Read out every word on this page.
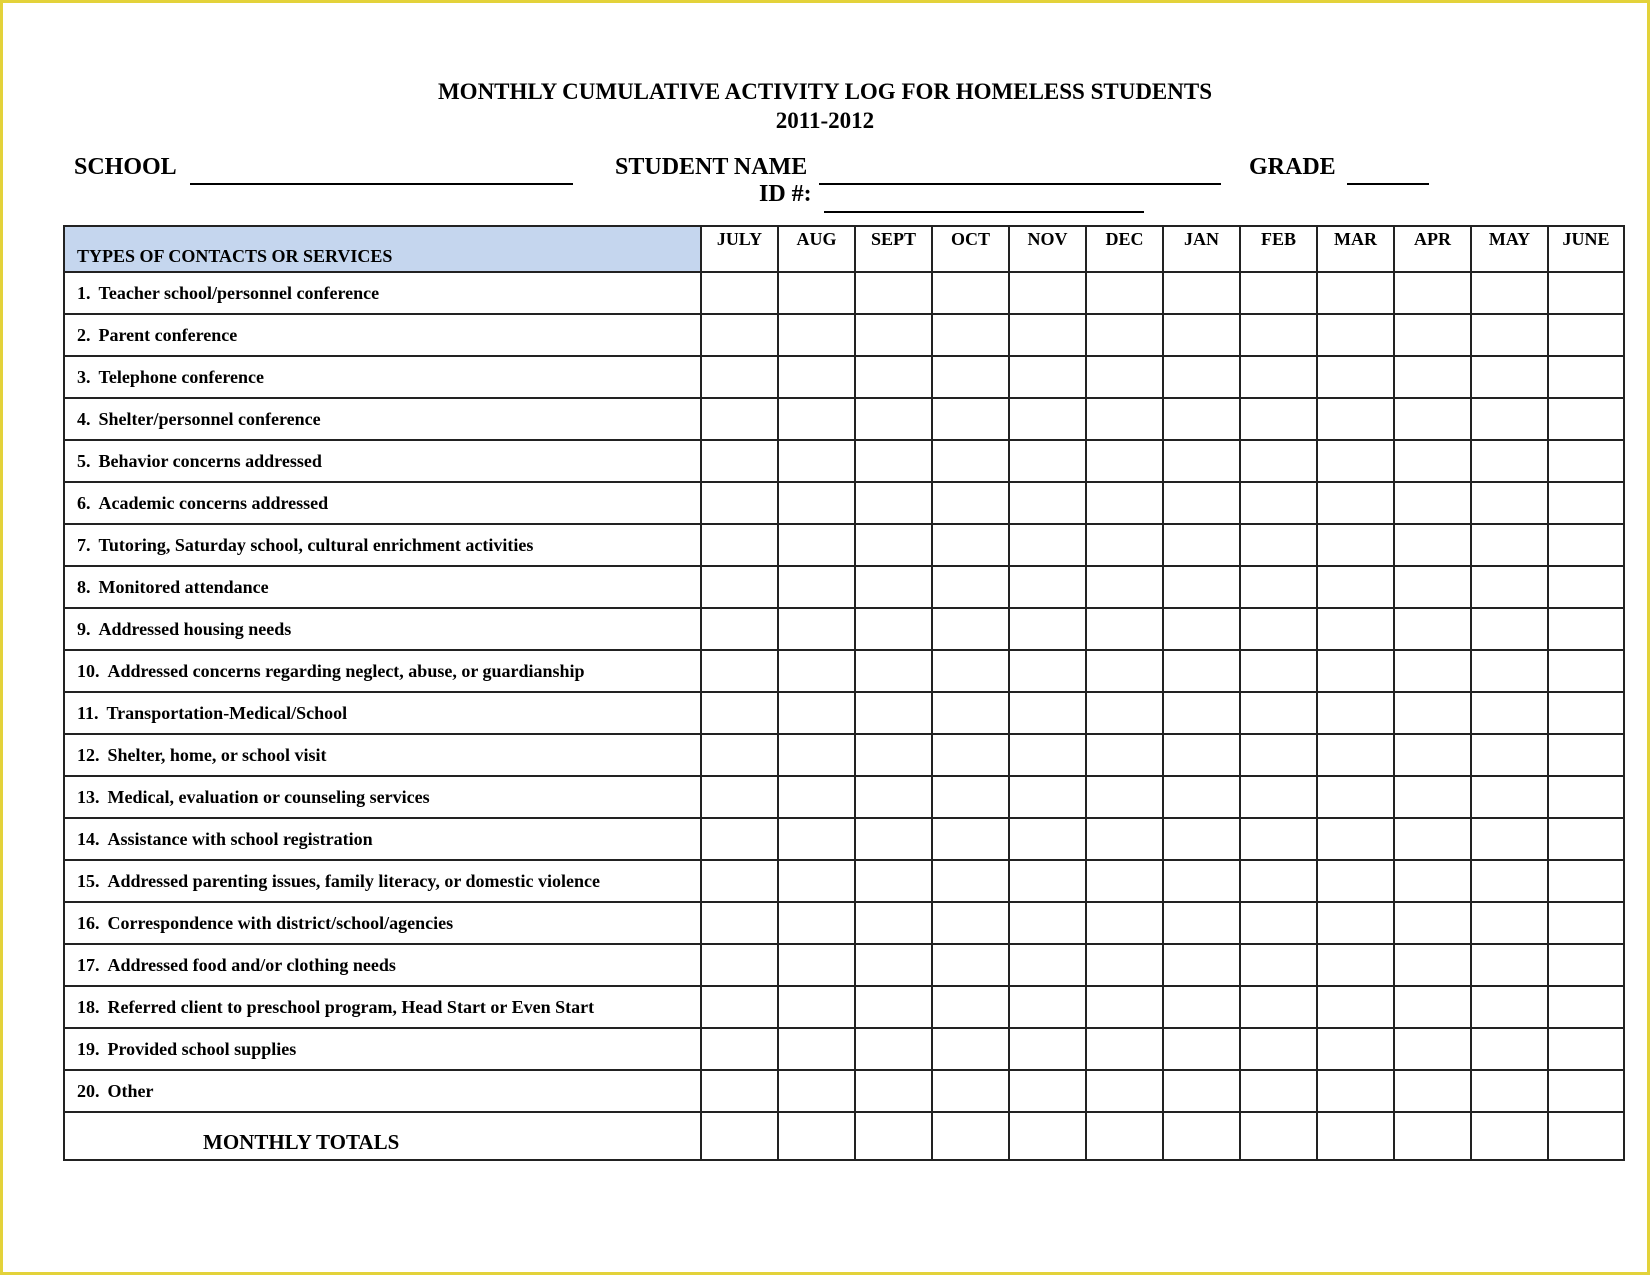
MONTHLY CUMULATIVE ACTIVITY LOG FOR HOMELESS STUDENTS
2011-2012
SCHOOL	STUDENT NAME	GRADE
ID #:
TYPES OF CONTACTS OR SERVICES	JULY	AUG	SEPT	OCT	NOV	DEC	JAN	FEB	MAR	APR	MAY	JUNE
1. Teacher school/personnel conference												
2. Parent conference												
3. Telephone conference												
4. Shelter/personnel conference												
5. Behavior concerns addressed												
6. Academic concerns addressed												
7. Tutoring, Saturday school, cultural enrichment activities												
8. Monitored attendance												
9. Addressed housing needs												
10. Addressed concerns regarding neglect, abuse, or guardianship												
11. Transportation-Medical/School												
12. Shelter, home, or school visit												
13. Medical, evaluation or counseling services												
14. Assistance with school registration												
15. Addressed parenting issues, family literacy, or domestic violence												
16. Correspondence with district/school/agencies												
17. Addressed food and/or clothing needs												
18. Referred client to preschool program, Head Start or Even Start												
19. Provided school supplies												
20. Other												
MONTHLY TOTALS												
